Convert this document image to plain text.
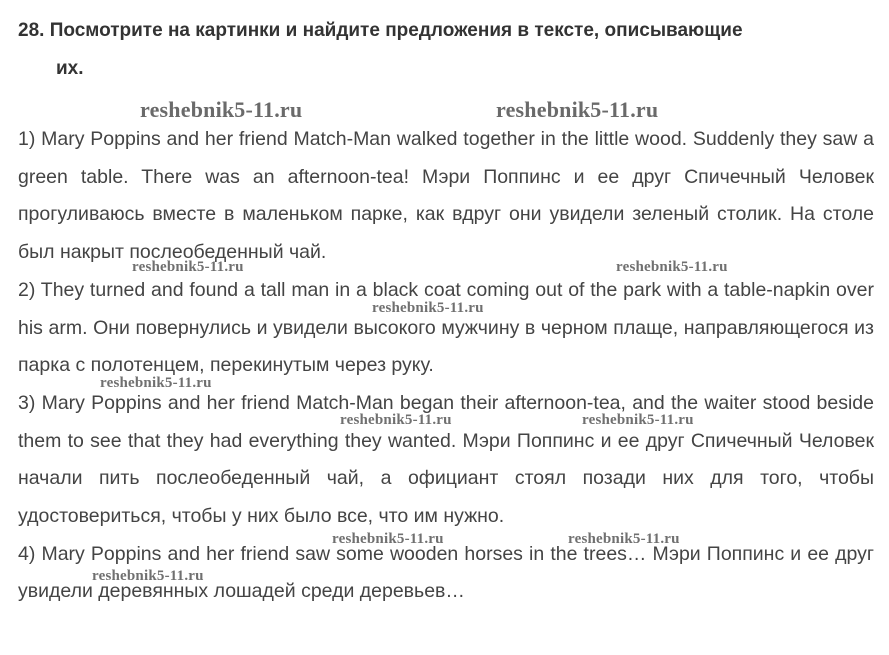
28. Посмотрите на картинки и найдите предложения в тексте, описывающие
их.

1) Mary Poppins and her friend Match-Man walked together in the little wood. Suddenly they saw a green table. There was an afternoon-tea! Мэри Поппинс и ее друг Спичечный Человек прогуливаюсь вместе в маленьком парке, как вдруг они увидели зеленый столик. На столе был накрыт послеобеденный чай.

2) They turned and found a tall man in a black coat coming out of the park with a table-napkin over his arm. Они повернулись и увидели высокого мужчину в черном плаще, направляющегося из парка с полотенцем, перекинутым через руку.

3) Mary Poppins and her friend Match-Man began their afternoon-tea, and the waiter stood beside them to see that they had everything they wanted. Мэри Поппинс и ее друг Спичечный Человек начали пить послеобеденный чай, а официант стоял позади них для того, чтобы удостовериться, чтобы у них было все, что им нужно.

4) Mary Poppins and her friend saw some wooden horses in the trees… Мэри Поппинс и ее друг увидели деревянных лошадей среди деревьев…

reshebnik5-11.ru	reshebnik5-11.ru
reshebnik5-11.ru	reshebnik5-11.ru
reshebnik5-11.ru
reshebnik5-11.ru
reshebnik5-11.ru	reshebnik5-11.ru
reshebnik5-11.ru	reshebnik5-11.ru
reshebnik5-11.ru
